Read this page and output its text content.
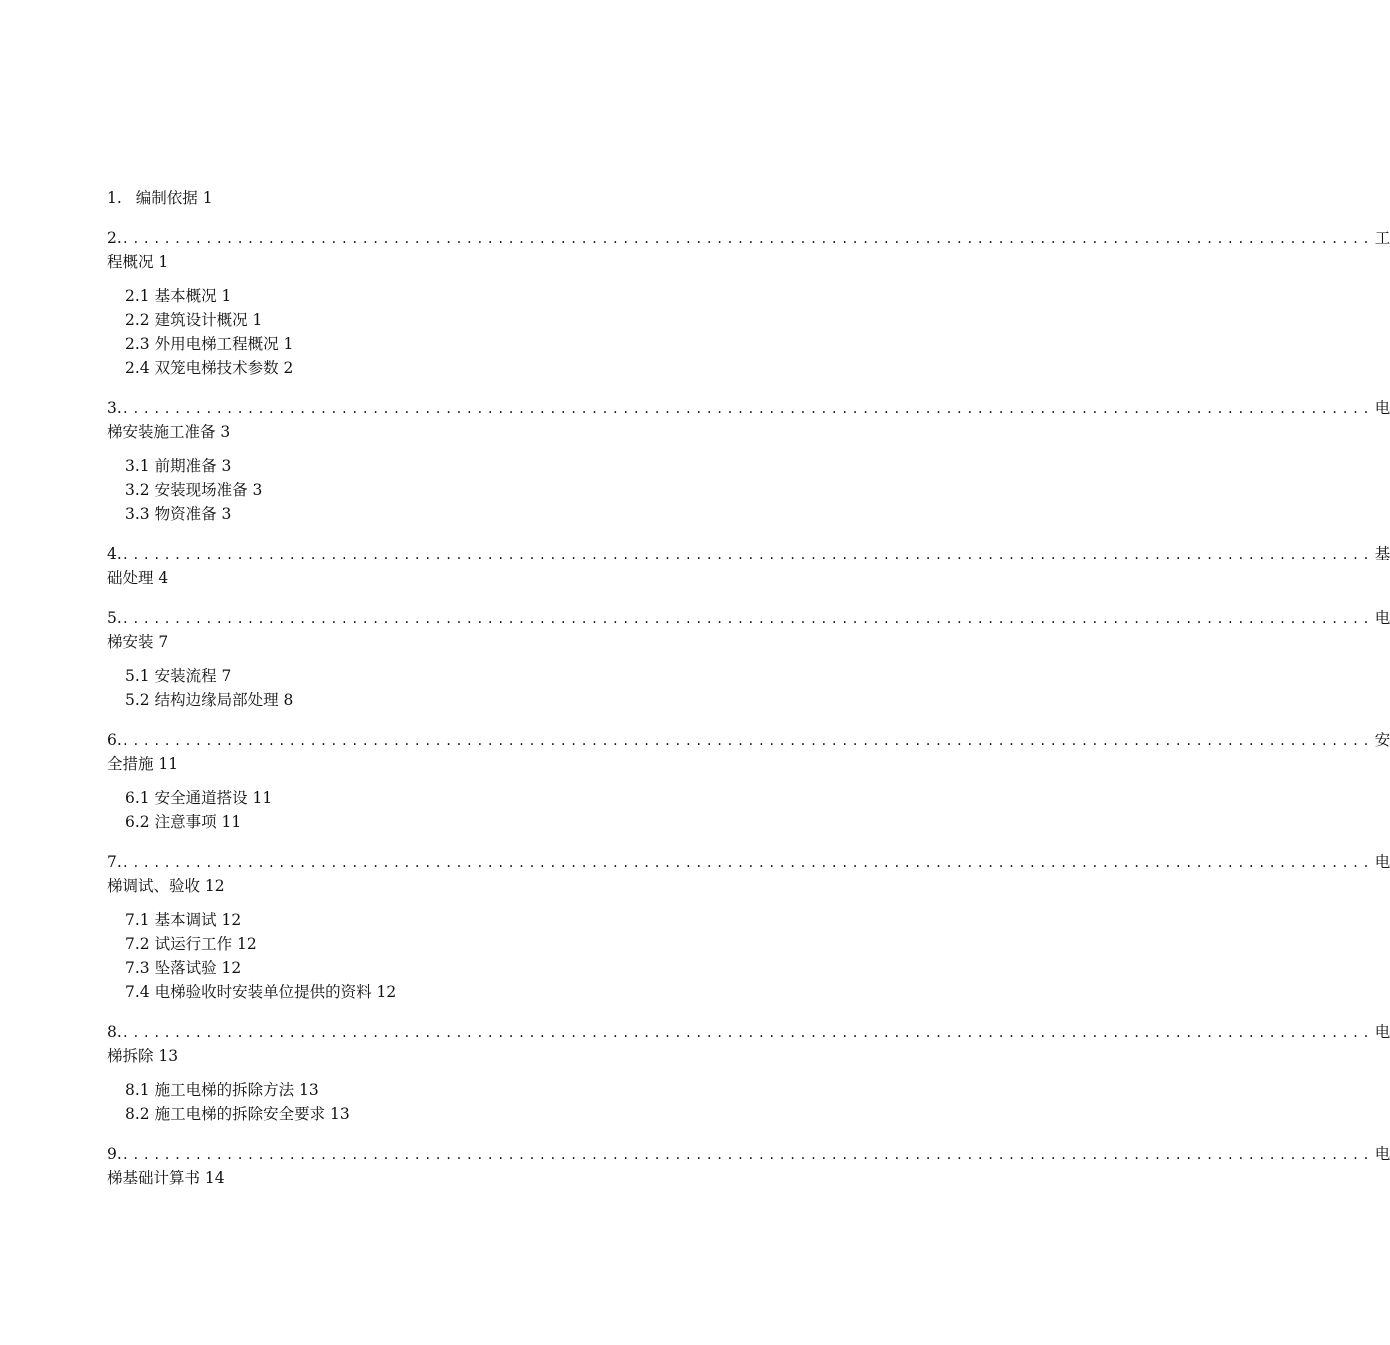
1. 编制依据 1
2. ........................................................................................................................ 工
程概况 1
2.1 基本概况 1
2.2 建筑设计概况 1
2.3 外用电梯工程概况 1
2.4 双笼电梯技术参数 2
3. ........................................................................................................................ 电
梯安装施工准备 3
3.1 前期准备 3
3.2 安装现场准备 3
3.3 物资准备 3
4. ........................................................................................................................ 基
础处理 4
5. ........................................................................................................................ 电
梯安装 7
5.1 安装流程 7
5.2 结构边缘局部处理 8
6. ........................................................................................................................ 安
全措施 11
6.1 安全通道搭设 11
6.2 注意事项 11
7. ........................................................................................................................ 电
梯调试、验收 12
7.1 基本调试 12
7.2 试运行工作 12
7.3 坠落试验 12
7.4 电梯验收时安装单位提供的资料 12
8. ........................................................................................................................ 电
梯拆除 13
8.1 施工电梯的拆除方法 13
8.2 施工电梯的拆除安全要求 13
9. ........................................................................................................................ 电
梯基础计算书 14
